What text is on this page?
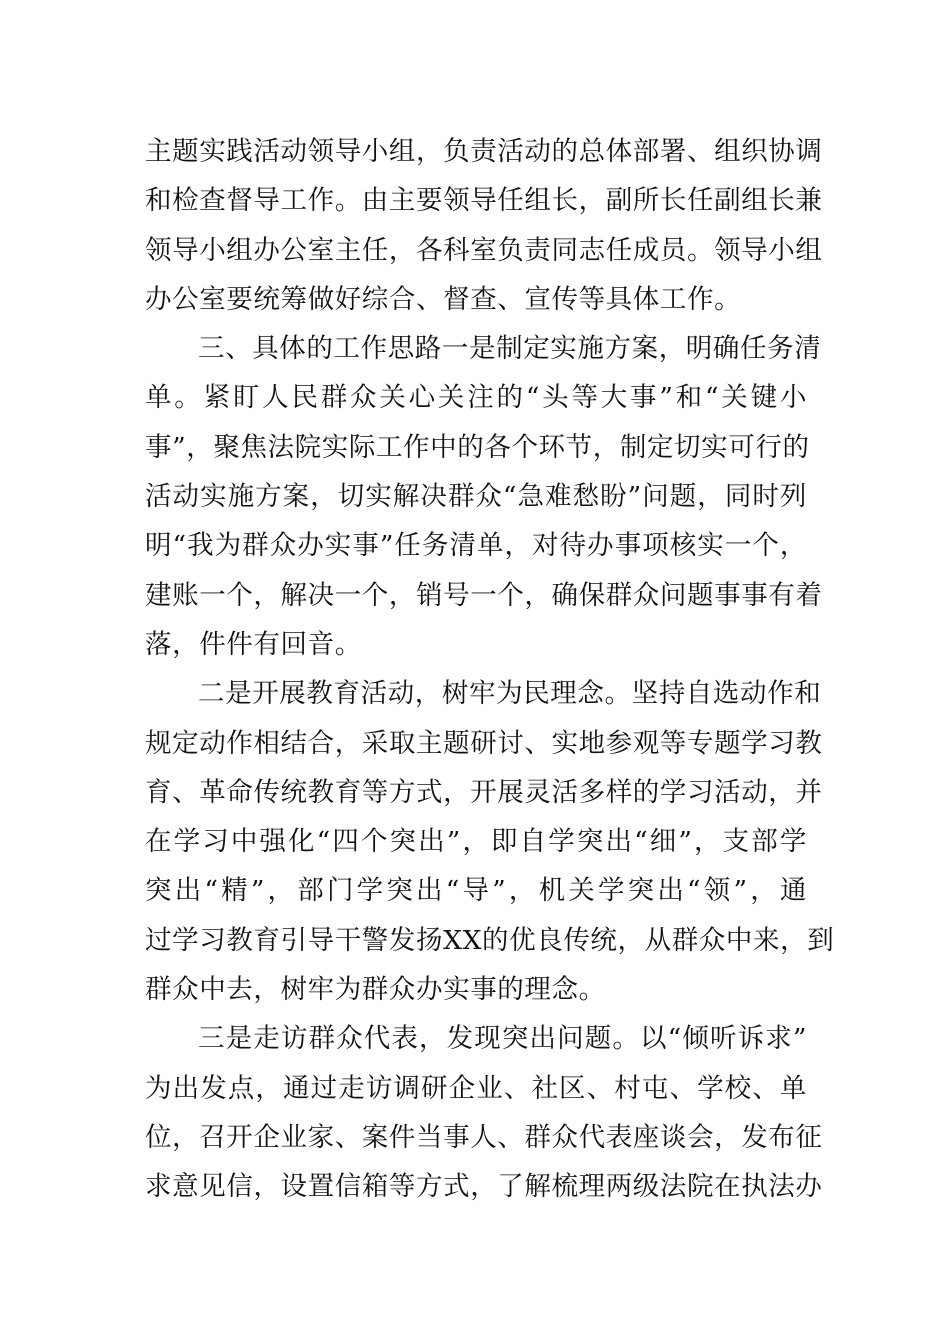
主题实践活动领导小组，负责活动的总体部署、组织协调
和检查督导工作。由主要领导任组长，副所长任副组长兼
领导小组办公室主任，各科室负责同志任成员。领导小组
办公室要统筹做好综合、督查、宣传等具体工作。
三、具体的工作思路一是制定实施方案，明确任务清
单。紧盯人民群众关心关注的“头等大事”和“关键小
事”，聚焦法院实际工作中的各个环节，制定切实可行的
活动实施方案，切实解决群众“急难愁盼”问题，同时列
明“我为群众办实事”任务清单，对待办事项核实一个，
建账一个，解决一个，销号一个，确保群众问题事事有着
落，件件有回音。
二是开展教育活动，树牢为民理念。坚持自选动作和
规定动作相结合，采取主题研讨、实地参观等专题学习教
育、革命传统教育等方式，开展灵活多样的学习活动，并
在学习中强化“四个突出”，即自学突出“细”，支部学
突出“精”，部门学突出“导”，机关学突出“领”，通
过学习教育引导干警发扬XX的优良传统，从群众中来，到
群众中去，树牢为群众办实事的理念。
三是走访群众代表，发现突出问题。以“倾听诉求”
为出发点，通过走访调研企业、社区、村屯、学校、单
位，召开企业家、案件当事人、群众代表座谈会，发布征
求意见信，设置信箱等方式，了解梳理两级法院在执法办
